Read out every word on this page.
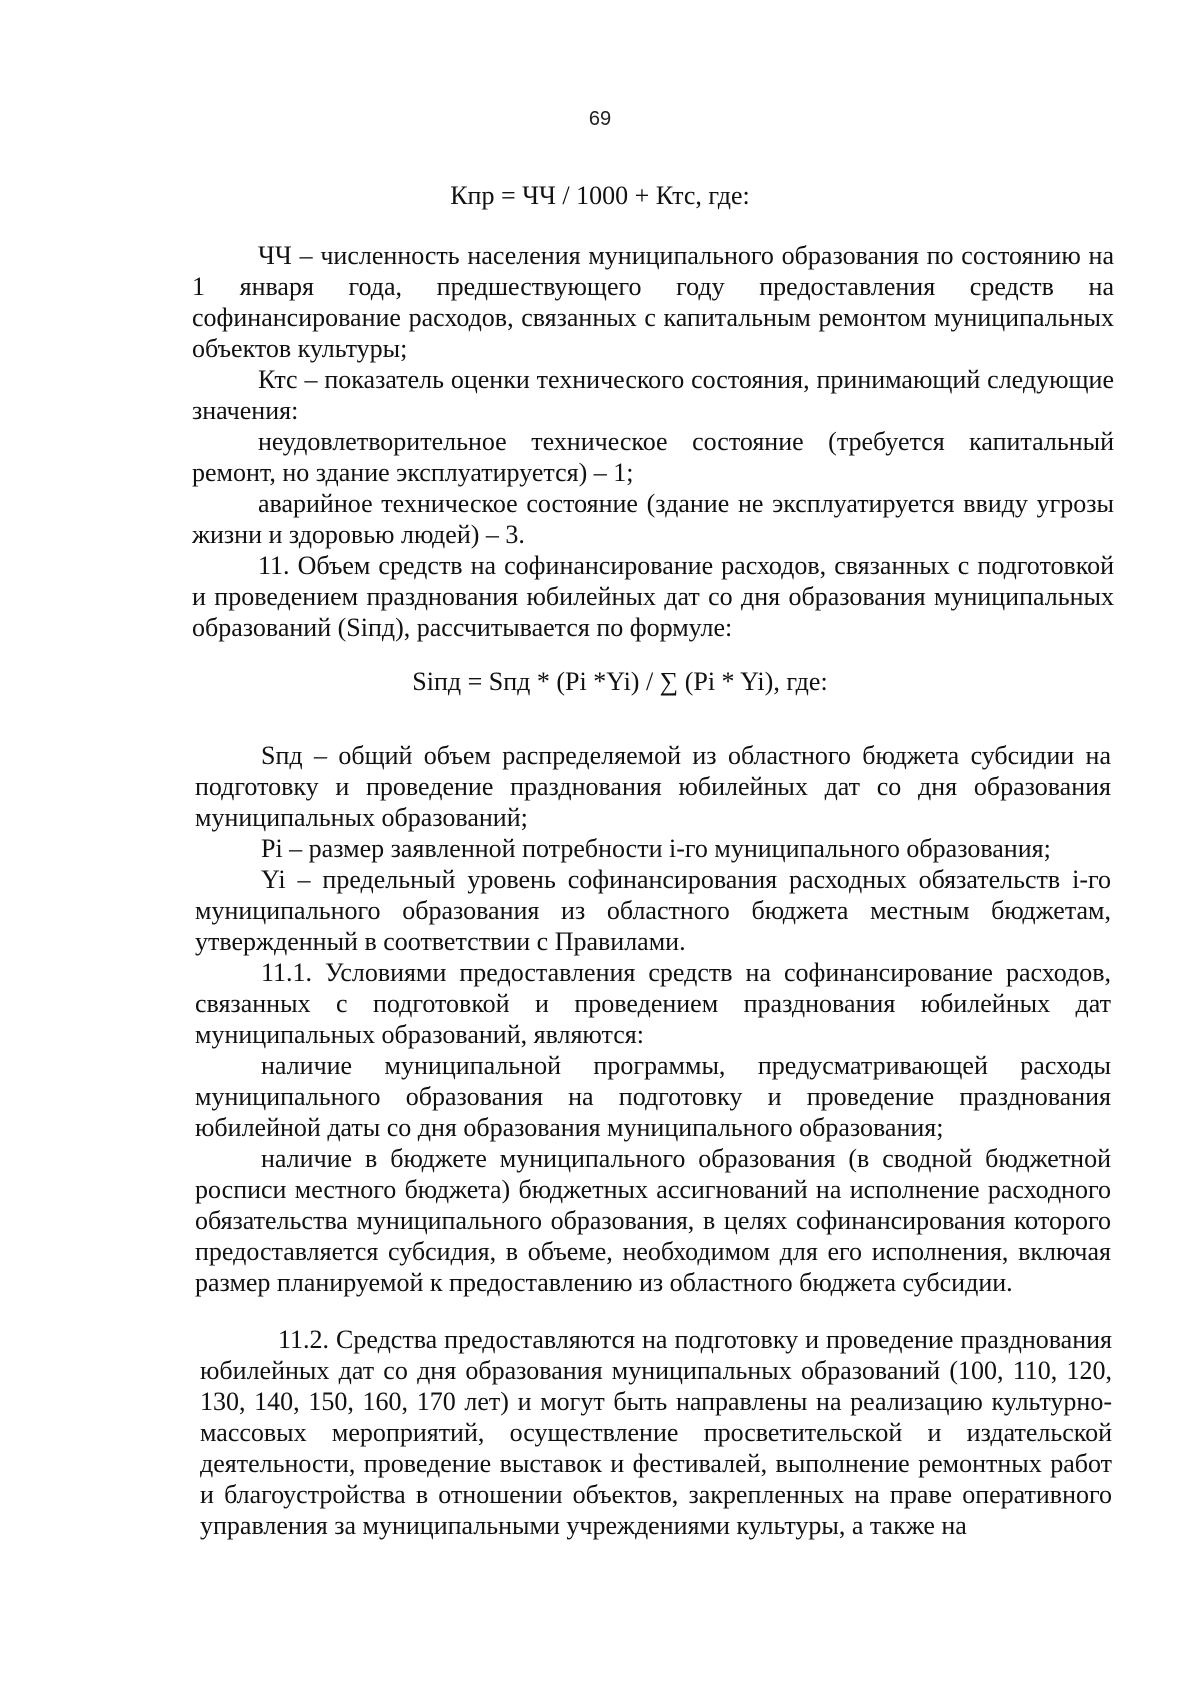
69
Кпр = ЧЧ / 1000 + Ктс, где:

ЧЧ – численность населения муниципального образования по состоянию на 1 января года, предшествующего году предоставления средств на софинансирование расходов, связанных с капитальным ремонтом муниципальных объектов культуры;

Ктс – показатель оценки технического состояния, принимающий следующие значения:

неудовлетворительное техническое состояние (требуется капитальный ремонт, но здание эксплуатируется) – 1;

аварийное техническое состояние (здание не эксплуатируется ввиду угрозы жизни и здоровью людей) – 3.

11. Объем средств на софинансирование расходов, связанных с подготовкой и проведением празднования юбилейных дат со дня образования муниципальных образований (Siпд), рассчитывается по формуле:

Siпд = Sпд * (Pi *Yi) / ∑ (Pi * Yi), где:

Sпд – общий объем распределяемой из областного бюджета субсидии на подготовку и проведение празднования юбилейных дат со дня образования муниципальных образований;

Pi – размер заявленной потребности i-го муниципального образования;

Yi – предельный уровень софинансирования расходных обязательств i-го муниципального образования из областного бюджета местным бюджетам, утвержденный в соответствии с Правилами.

11.1. Условиями предоставления средств на софинансирование расходов, связанных с подготовкой и проведением празднования юбилейных дат муниципальных образований, являются:

наличие муниципальной программы, предусматривающей расходы муниципального образования на подготовку и проведение празднования юбилейной даты со дня образования муниципального образования;

наличие в бюджете муниципального образования (в сводной бюджетной росписи местного бюджета) бюджетных ассигнований на исполнение расходного обязательства муниципального образования, в целях софинансирования которого предоставляется субсидия, в объеме, необходимом для его исполнения, включая размер планируемой к предоставлению из областного бюджета субсидии.

11.2. Средства предоставляются на подготовку и проведение празднования юбилейных дат со дня образования муниципальных образований (100, 110, 120, 130, 140, 150, 160, 170 лет) и могут быть направлены на реализацию культурно-массовых мероприятий, осуществление просветительской и издательской деятельности, проведение выставок и фестивалей, выполнение ремонтных работ и благоустройства в отношении объектов, закрепленных на праве оперативного управления за муниципальными учреждениями культуры, а также на
